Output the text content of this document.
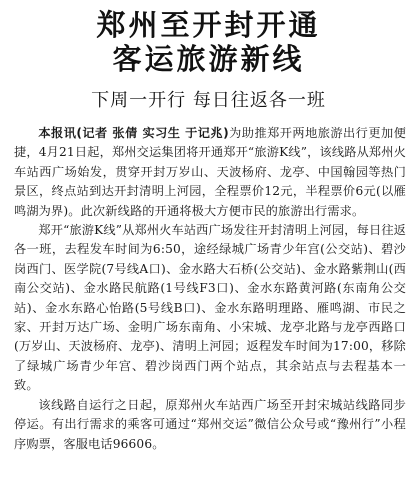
郑州至开封开通
客运旅游新线
下周一开行 每日往返各一班

本报讯(记者 张倩 实习生 于记兆)为助推郑开两地旅游出行更加便捷，4月21日起，郑州交运集团将开通郑开“旅游K线”，该线路从郑州火车站西广场始发，贯穿开封万岁山、天波杨府、龙亭、中国翰园等热门景区，终点站到达开封清明上河园，全程票价12元，半程票价6元(以雁鸣湖为界)。此次新线路的开通将极大方便市民的旅游出行需求。

郑开“旅游K线”从郑州火车站西广场发往开封清明上河园，每日往返各一班，去程发车时间为6:50，途经绿城广场青少年宫(公交站)、碧沙岗西门、医学院(7号线A口)、金水路大石桥(公交站)、金水路紫荆山(西南公交站)、金水路民航路(1号线F3口)、金水东路黄河路(东南角公交站)、金水东路心怡路(5号线B口)、金水东路明理路、雁鸣湖、市民之家、开封万达广场、金明广场东南角、小宋城、龙亭北路与龙亭西路口(万岁山、天波杨府、龙亭)、清明上河园；返程发车时间为17:00，移除了绿城广场青少年宫、碧沙岗西门两个站点，其余站点与去程基本一致。

该线路自运行之日起，原郑州火车站西广场至开封宋城站线路同步停运。有出行需求的乘客可通过“郑州交运”微信公众号或“豫州行”小程序购票，客服电话96606。
